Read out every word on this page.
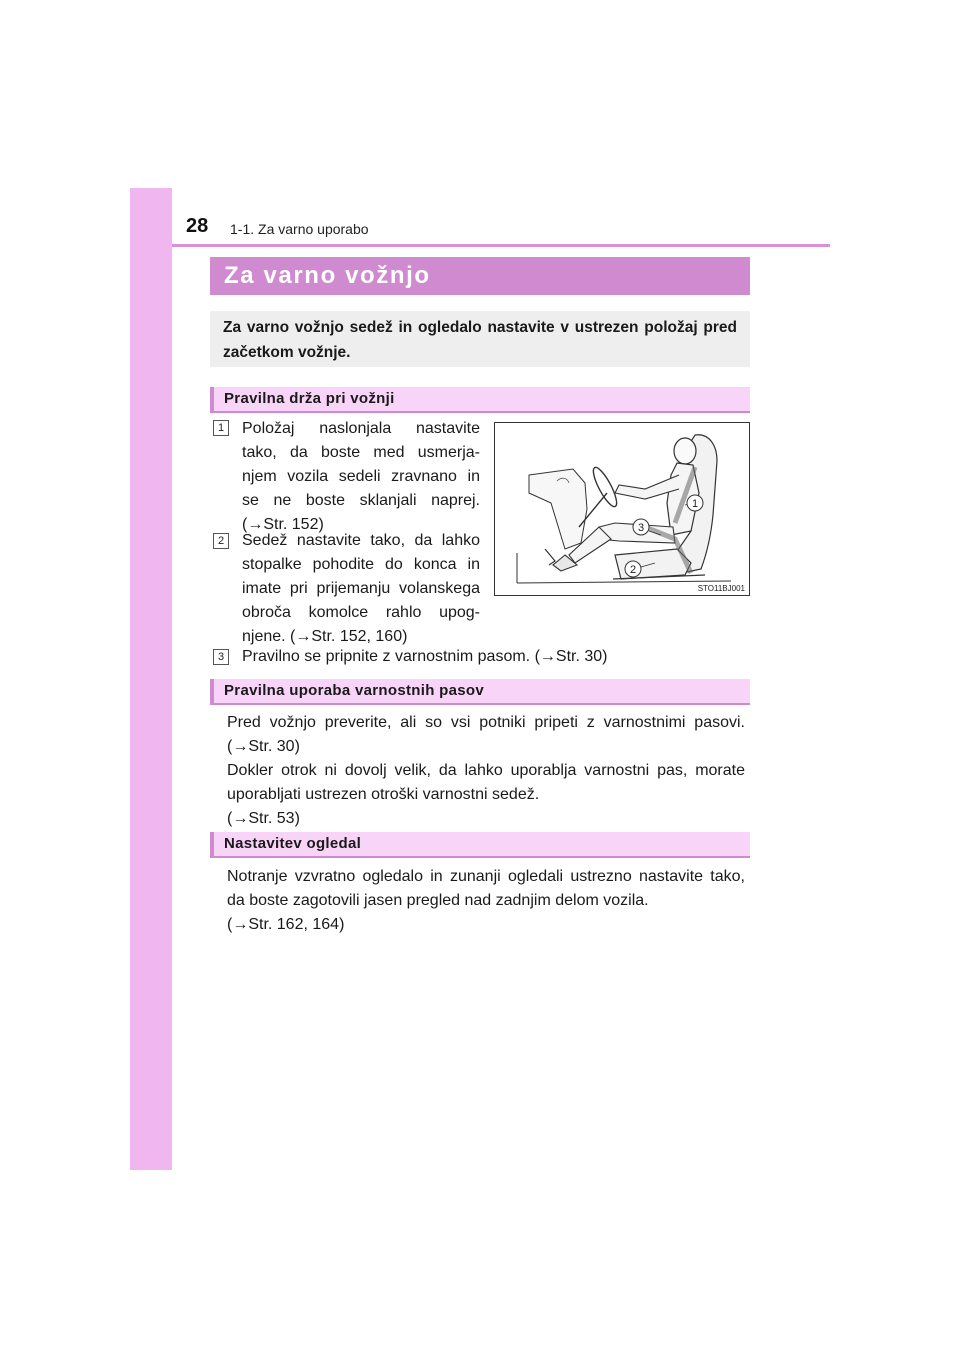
28 1-1. Za varno uporabo
Za varno vožnjo
Za varno vožnjo sedež in ogledalo nastavite v ustrezen položaj pred začetkom vožnje.
Pravilna drža pri vožnji
1	Položaj naslonjala nastavite
tako, da boste med usmerja-
njem vozila sedeli zravnano in
se ne boste sklanjali naprej.
(→Str. 152)
2	Sedež nastavite tako, da lahko
stopalke pohodite do konca in
imate pri prijemanju volanskega
obroča komolce rahlo upog-
njene. (→Str. 152, 160)
1
3
2
STO11BJ001
3	Pravilno se pripnite z varnostnim pasom. (→Str. 30)
Pravilna uporaba varnostnih pasov
Pred vožnjo preverite, ali so vsi potniki pripeti z varnostnimi pasovi.
(→Str. 30)
Dokler otrok ni dovolj velik, da lahko uporablja varnostni pas, morate
uporabljati ustrezen otroški varnostni sedež.
(→Str. 53)
Nastavitev ogledal
Notranje vzvratno ogledalo in zunanji ogledali ustrezno nastavite tako,
da boste zagotovili jasen pregled nad zadnjim delom vozila.
(→Str. 162, 164)
